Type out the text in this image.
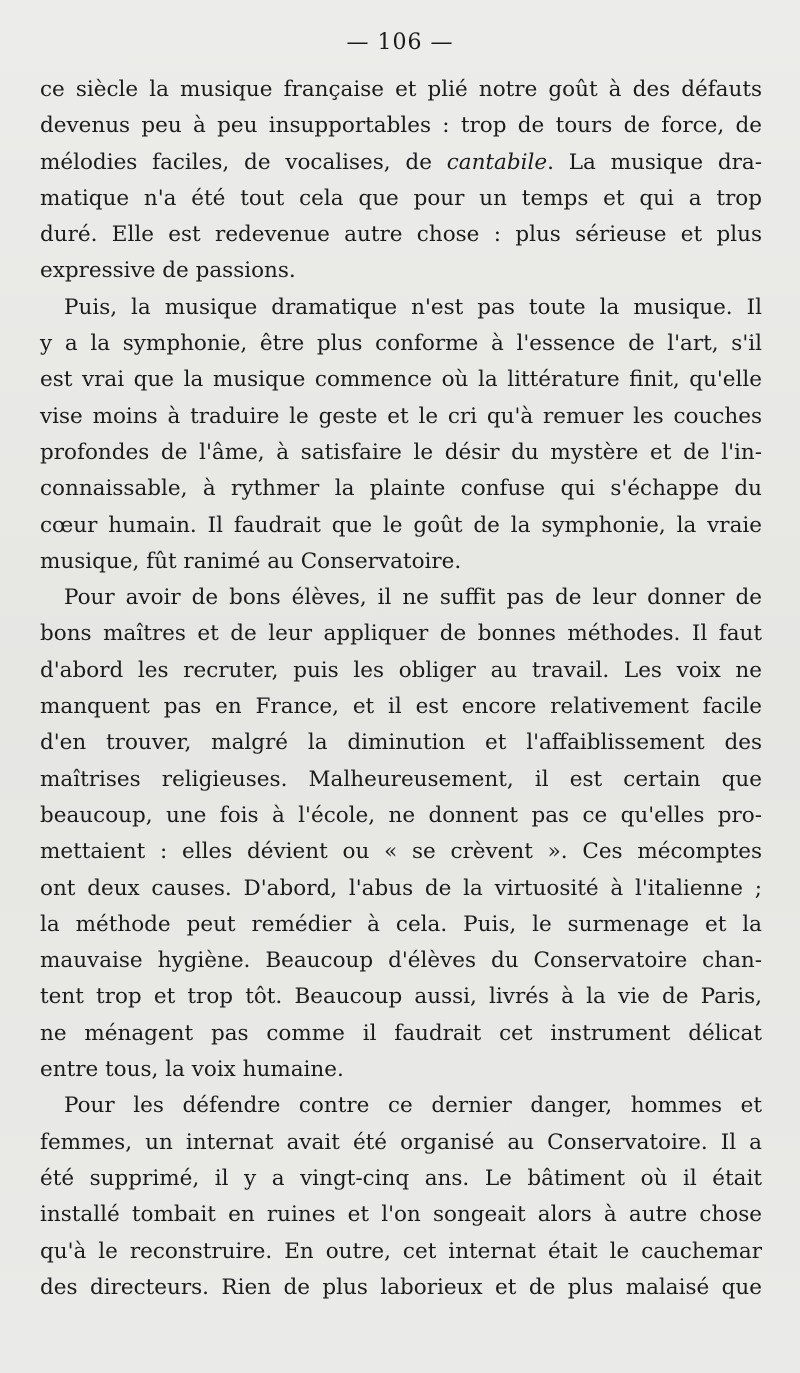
— 106 —
ce siècle la musique française et plié notre goût à des défauts
devenus peu à peu insupportables : trop de tours de force, de
mélodies faciles, de vocalises, de cantabile. La musique dra-
matique n'a été tout cela que pour un temps et qui a trop
duré. Elle est redevenue autre chose : plus sérieuse et plus
expressive de passions.
Puis, la musique dramatique n'est pas toute la musique. Il
y a la symphonie, être plus conforme à l'essence de l'art, s'il
est vrai que la musique commence où la littérature finit, qu'elle
vise moins à traduire le geste et le cri qu'à remuer les couches
profondes de l'âme, à satisfaire le désir du mystère et de l'in-
connaissable, à rythmer la plainte confuse qui s'échappe du
cœur humain. Il faudrait que le goût de la symphonie, la vraie
musique, fût ranimé au Conservatoire.
Pour avoir de bons élèves, il ne suffit pas de leur donner de
bons maîtres et de leur appliquer de bonnes méthodes. Il faut
d'abord les recruter, puis les obliger au travail. Les voix ne
manquent pas en France, et il est encore relativement facile
d'en trouver, malgré la diminution et l'affaiblissement des
maîtrises religieuses. Malheureusement, il est certain que
beaucoup, une fois à l'école, ne donnent pas ce qu'elles pro-
mettaient : elles dévient ou « se crèvent ». Ces mécomptes
ont deux causes. D'abord, l'abus de la virtuosité à l'italienne ;
la méthode peut remédier à cela. Puis, le surmenage et la
mauvaise hygiène. Beaucoup d'élèves du Conservatoire chan-
tent trop et trop tôt. Beaucoup aussi, livrés à la vie de Paris,
ne ménagent pas comme il faudrait cet instrument délicat
entre tous, la voix humaine.
Pour les défendre contre ce dernier danger, hommes et
femmes, un internat avait été organisé au Conservatoire. Il a
été supprimé, il y a vingt-cinq ans. Le bâtiment où il était
installé tombait en ruines et l'on songeait alors à autre chose
qu'à le reconstruire. En outre, cet internat était le cauchemar
des directeurs. Rien de plus laborieux et de plus malaisé que
